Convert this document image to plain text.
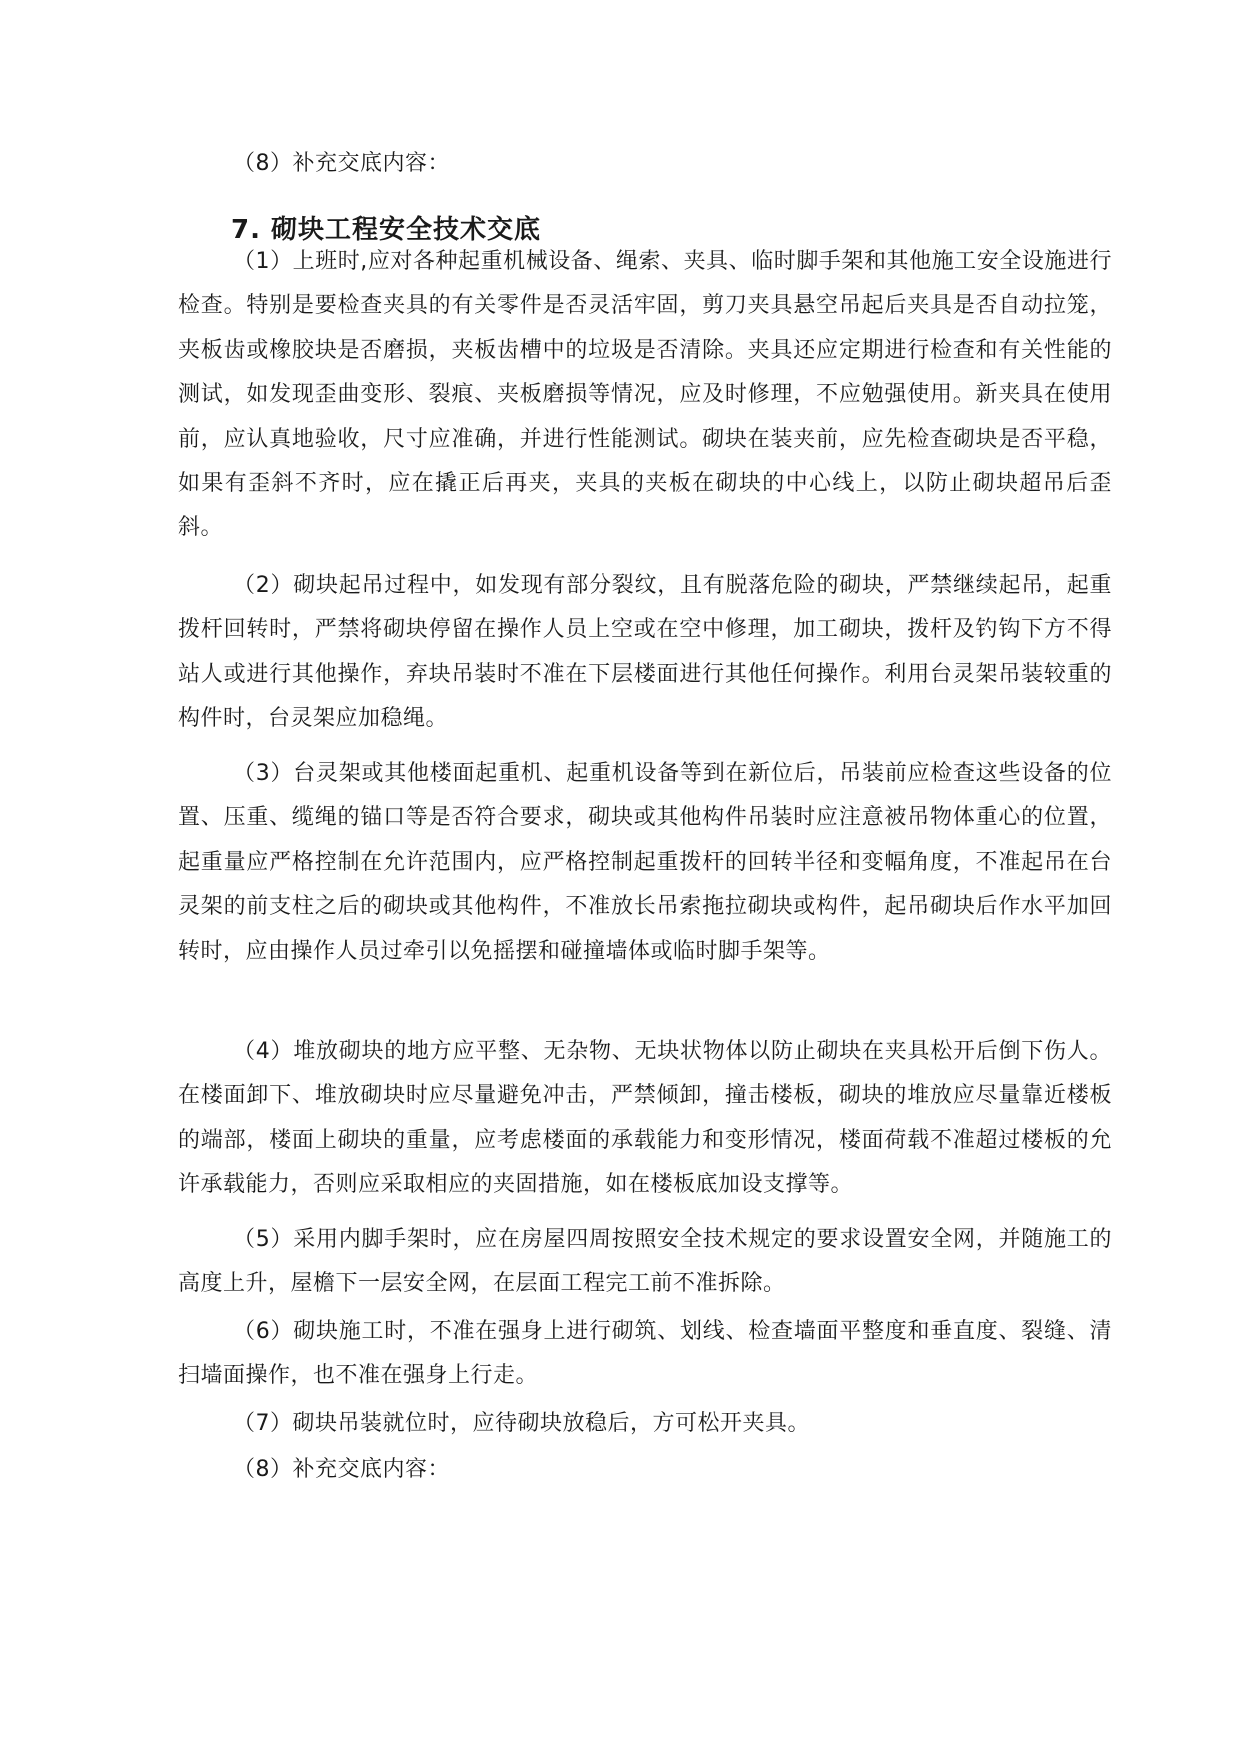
（8）补充交底内容：

7. 砌块工程安全技术交底

（1）上班时,应对各种起重机械设备、绳索、夹具、临时脚手架和其他施工安全设施进行检查。特别是要检查夹具的有关零件是否灵活牢固，剪刀夹具悬空吊起后夹具是否自动拉笼，夹板齿或橡胶块是否磨损，夹板齿槽中的垃圾是否清除。夹具还应定期进行检查和有关性能的测试，如发现歪曲变形、裂痕、夹板磨损等情况，应及时修理，不应勉强使用。新夹具在使用前，应认真地验收，尺寸应准确，并进行性能测试。砌块在装夹前，应先检查砌块是否平稳，如果有歪斜不齐时，应在撬正后再夹，夹具的夹板在砌块的中心线上，以防止砌块超吊后歪斜。

（2）砌块起吊过程中，如发现有部分裂纹，且有脱落危险的砌块，严禁继续起吊，起重拨杆回转时，严禁将砌块停留在操作人员上空或在空中修理，加工砌块，拨杆及钓钩下方不得站人或进行其他操作，弃块吊装时不准在下层楼面进行其他任何操作。利用台灵架吊装较重的构件时，台灵架应加稳绳。

（3）台灵架或其他楼面起重机、起重机设备等到在新位后，吊装前应检查这些设备的位置、压重、缆绳的锚口等是否符合要求，砌块或其他构件吊装时应注意被吊物体重心的位置，起重量应严格控制在允许范围内，应严格控制起重拨杆的回转半径和变幅角度，不准起吊在台灵架的前支柱之后的砌块或其他构件，不准放长吊索拖拉砌块或构件，起吊砌块后作水平加回转时，应由操作人员过牵引以免摇摆和碰撞墙体或临时脚手架等。

（4）堆放砌块的地方应平整、无杂物、无块状物体以防止砌块在夹具松开后倒下伤人。在楼面卸下、堆放砌块时应尽量避免冲击，严禁倾卸，撞击楼板，砌块的堆放应尽量靠近楼板的端部，楼面上砌块的重量，应考虑楼面的承载能力和变形情况，楼面荷载不准超过楼板的允许承载能力，否则应采取相应的夹固措施，如在楼板底加设支撑等。

（5）采用内脚手架时，应在房屋四周按照安全技术规定的要求设置安全网，并随施工的高度上升，屋檐下一层安全网，在层面工程完工前不准拆除。

（6）砌块施工时，不准在强身上进行砌筑、划线、检查墙面平整度和垂直度、裂缝、清扫墙面操作，也不准在强身上行走。

（7）砌块吊装就位时，应待砌块放稳后，方可松开夹具。

（8）补充交底内容：
